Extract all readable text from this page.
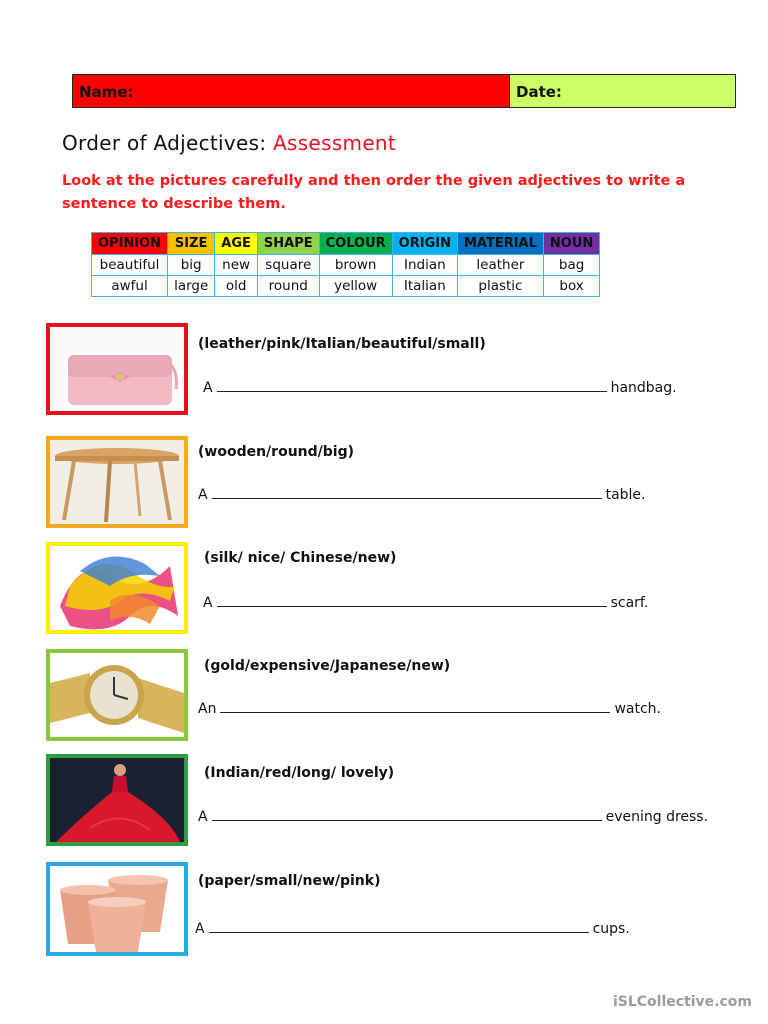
Name:	Date:
Order of Adjectives: Assessment
Look at the pictures carefully and then order the given adjectives to write a sentence to describe them.
OPINION	SIZE	AGE	SHAPE	COLOUR	ORIGIN	MATERIAL	NOUN
beautiful	big	new	square	brown	Indian	leather	bag
awful	large	old	round	yellow	Italian	plastic	box
(leather/pink/Italian/beautiful/small)
A	handbag.
(wooden/round/big)
A	table.
(silk/ nice/ Chinese/new)
A	scarf.
(gold/expensive/Japanese/new)
An	watch.
(Indian/red/long/ lovely)
A	evening dress.
(paper/small/new/pink)
A	cups.
iSLCollective.com
